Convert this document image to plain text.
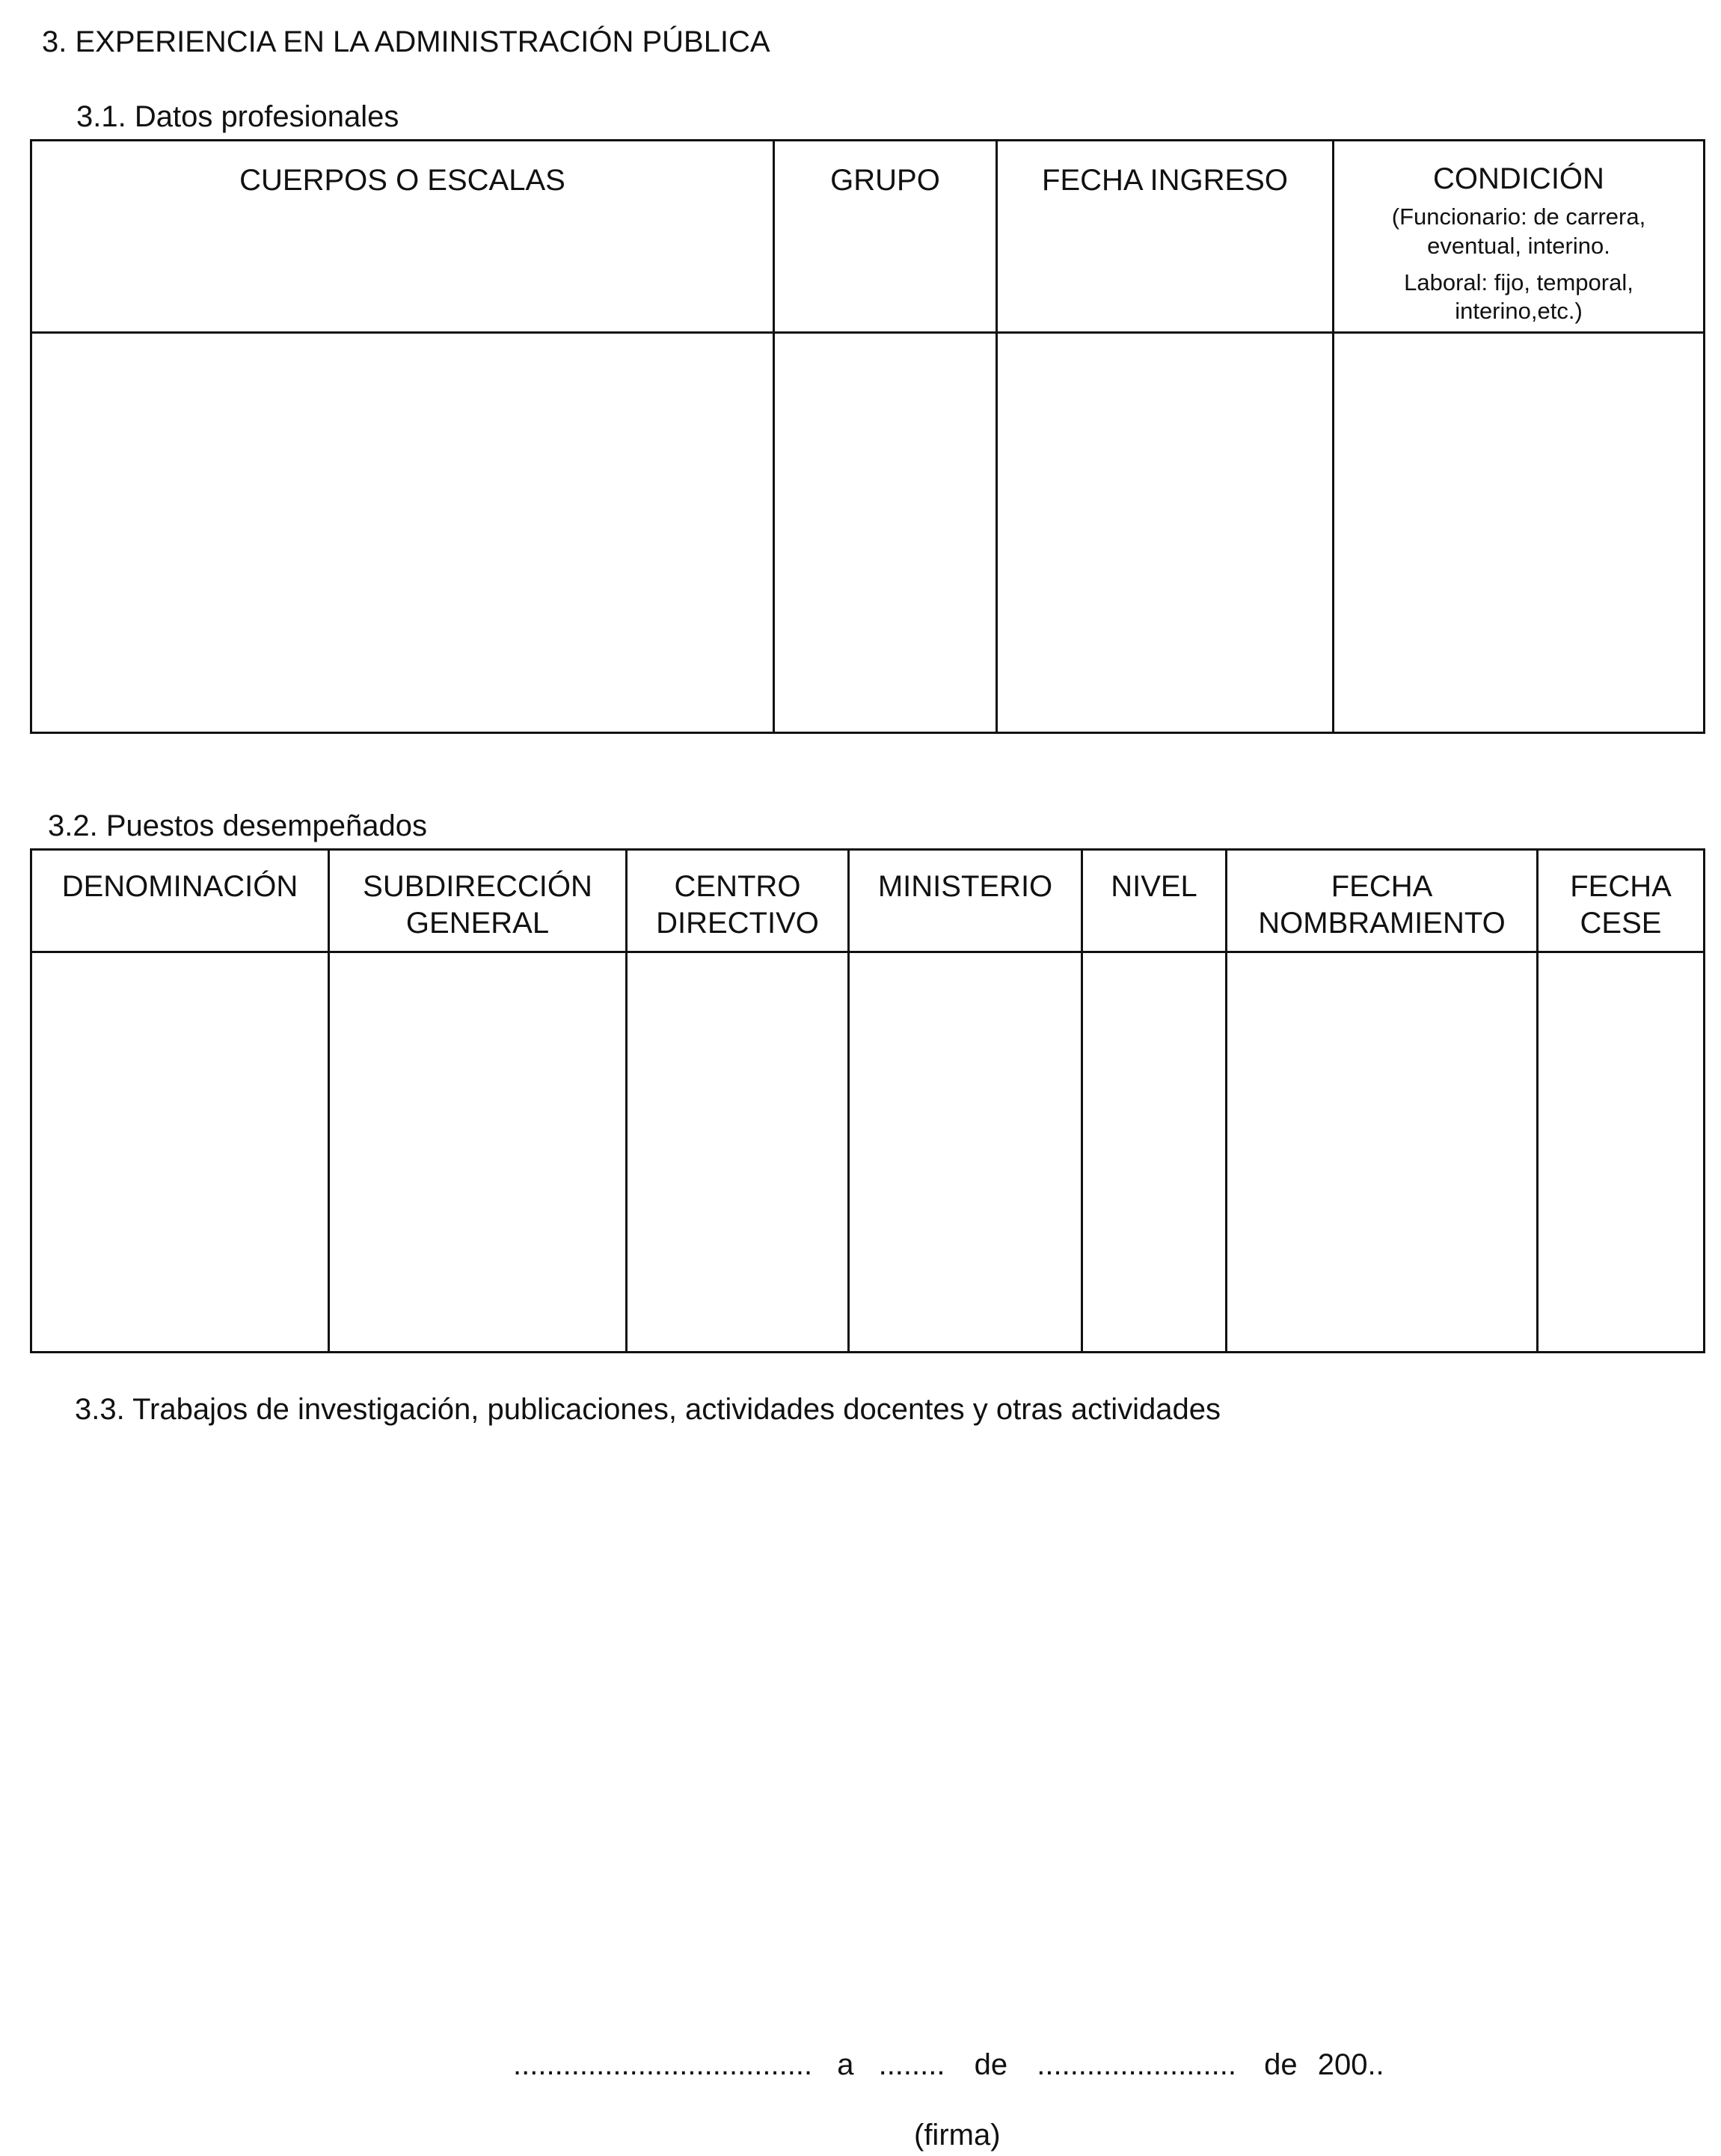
3. EXPERIENCIA EN LA ADMINISTRACIÓN PÚBLICA
3.1. Datos profesionales
CUERPOS O ESCALAS	GRUPO	FECHA INGRESO	CONDICIÓN
(Funcionario: de carrera, eventual, interino.
Laboral: fijo, temporal, interino,etc.)

3.2. Puestos desempeñados
DENOMINACIÓN	SUBDIRECCIÓN GENERAL	CENTRO DIRECTIVO	MINISTERIO	NIVEL	FECHA NOMBRAMIENTO	FECHA CESE

3.3. Trabajos de investigación, publicaciones, actividades docentes y otras actividades
.................................... a ........ de ........................ de 200..
(firma)
